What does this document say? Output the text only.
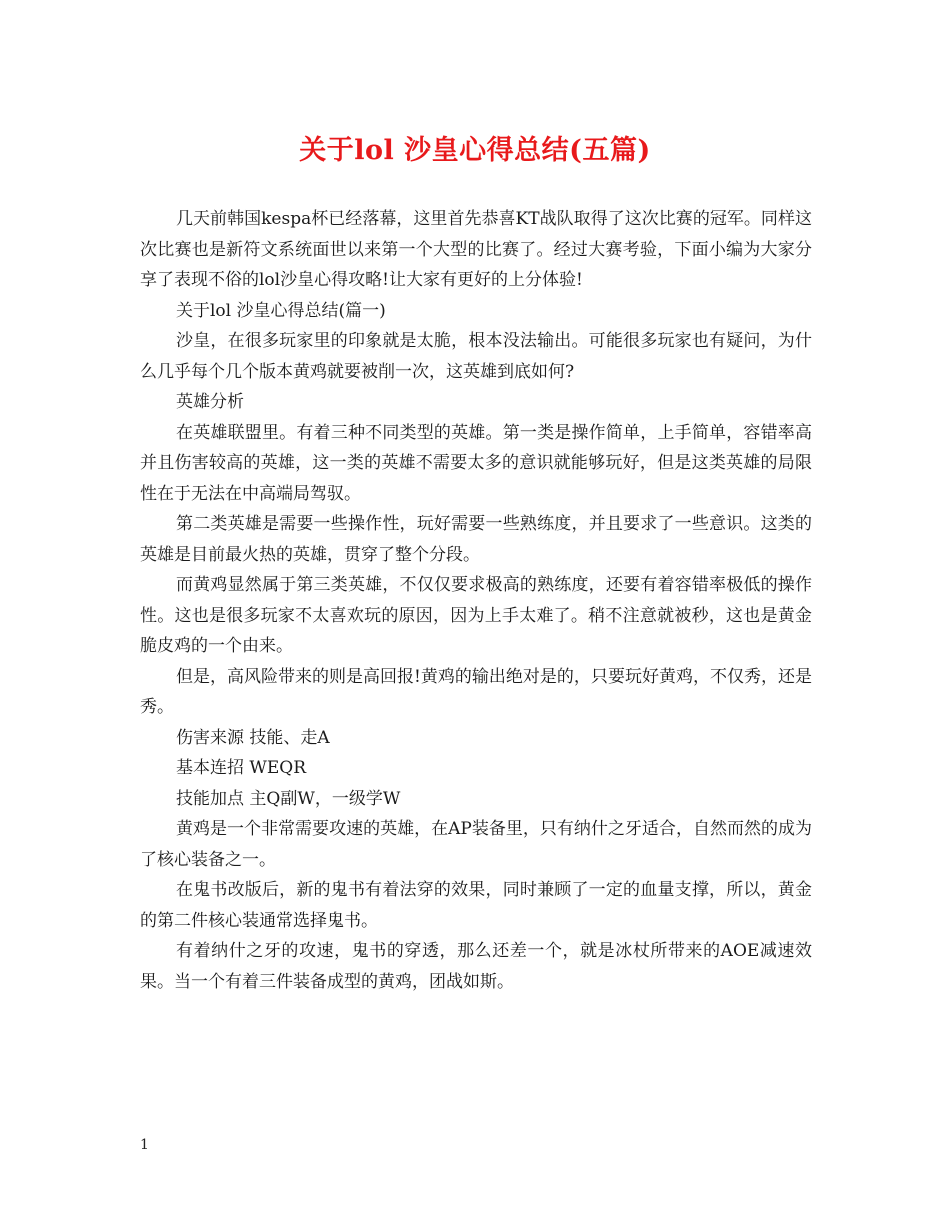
关于lol 沙皇心得总结(五篇)

几天前韩国kespa杯已经落幕，这里首先恭喜KT战队取得了这次比赛的冠军。同样这次比赛也是新符文系统面世以来第一个大型的比赛了。经过大赛考验，下面小编为大家分享了表现不俗的lol沙皇心得攻略!让大家有更好的上分体验!

关于lol 沙皇心得总结(篇一)

沙皇，在很多玩家里的印象就是太脆，根本没法输出。可能很多玩家也有疑问，为什么几乎每个几个版本黄鸡就要被削一次，这英雄到底如何?

英雄分析

在英雄联盟里。有着三种不同类型的英雄。第一类是操作简单，上手简单，容错率高并且伤害较高的英雄，这一类的英雄不需要太多的意识就能够玩好，但是这类英雄的局限性在于无法在中高端局驾驭。

第二类英雄是需要一些操作性，玩好需要一些熟练度，并且要求了一些意识。这类的英雄是目前最火热的英雄，贯穿了整个分段。

而黄鸡显然属于第三类英雄，不仅仅要求极高的熟练度，还要有着容错率极低的操作性。这也是很多玩家不太喜欢玩的原因，因为上手太难了。稍不注意就被秒，这也是黄金脆皮鸡的一个由来。

但是，高风险带来的则是高回报!黄鸡的输出绝对是的，只要玩好黄鸡，不仅秀，还是秀。

伤害来源 技能、走A

基本连招 WEQR

技能加点 主Q副W，一级学W

黄鸡是一个非常需要攻速的英雄，在AP装备里，只有纳什之牙适合，自然而然的成为了核心装备之一。

在鬼书改版后，新的鬼书有着法穿的效果，同时兼顾了一定的血量支撑，所以，黄金的第二件核心装通常选择鬼书。

有着纳什之牙的攻速，鬼书的穿透，那么还差一个，就是冰杖所带来的AOE减速效果。当一个有着三件装备成型的黄鸡，团战如斯。

1
